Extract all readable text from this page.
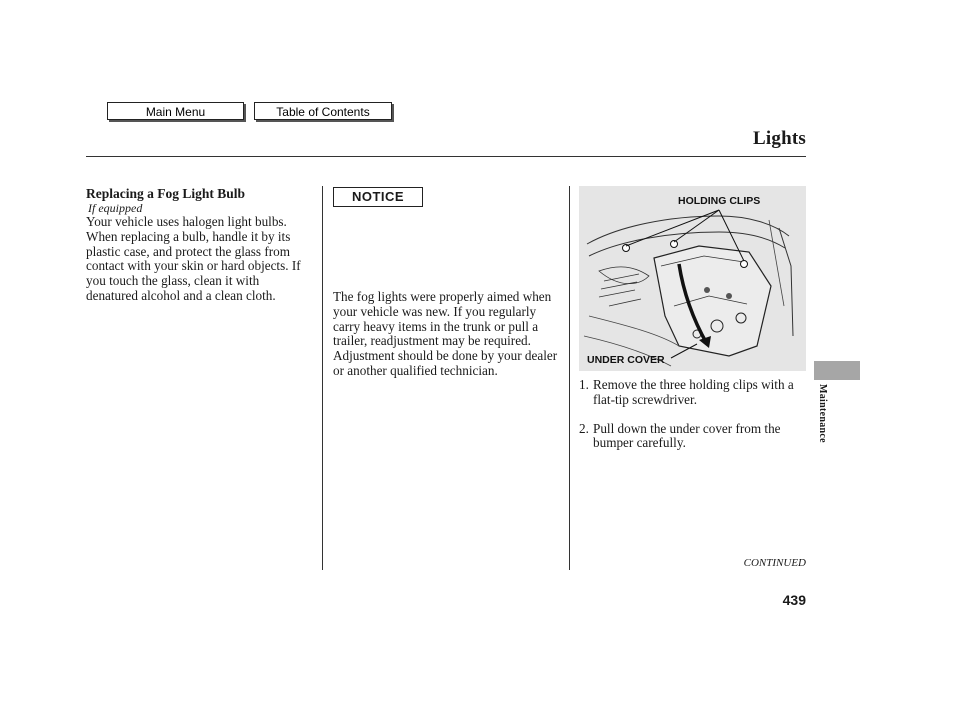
Main Menu	Table of Contents
Lights
Replacing a Fog Light Bulb
If equipped

Your vehicle uses halogen light bulbs. When replacing a bulb, handle it by its plastic case, and protect the glass from contact with your skin or hard objects. If you touch the glass, clean it with denatured alcohol and a clean cloth.

NOTICE

The fog lights were properly aimed when your vehicle was new. If you regularly carry heavy items in the trunk or pull a trailer, readjustment may be required. Adjustment should be done by your dealer or another qualified technician.

HOLDING CLIPS
UNDER COVER
1. Remove the three holding clips with a flat-tip screwdriver.
2. Pull down the under cover from the bumper carefully.
CONTINUED
439
Maintenance
